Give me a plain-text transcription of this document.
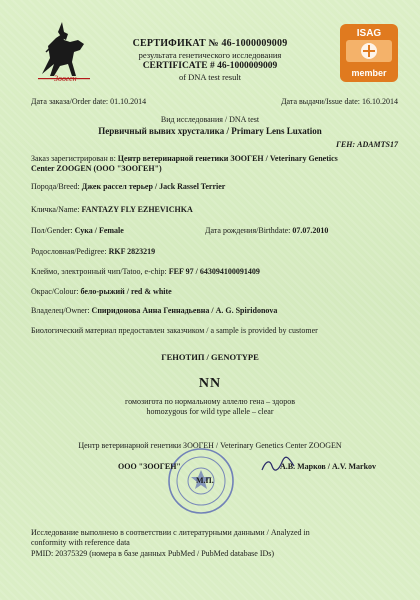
Зооген
ISAG
member
СЕРТИФИКАТ № 46-1000009009
результата генетического исследования
CERTIFICATE # 46-1000009009
of DNA test result
Дата заказа/Order date: 01.10.2014	Дата выдачи/Issue date: 16.10.2014
Вид исследования / DNA test
Первичный вывих хрусталика / Primary Lens Luxation
ГЕН: ADAMTS17
Заказ зарегистрирован в: Центр ветеринарной генетики ЗООГЕН / Veterinary Genetics
Center ZOOGEN (ООО "ЗООГЕН")
Порода/Breed: Джек рассел терьер / Jack Rassel Terrier
Кличка/Name: FANTAZY FLY EZHEVICHKA
Пол/Gender: Сука / Female	Дата рождения/Birthdate: 07.07.2010
Родословная/Pedigree: RKF 2823219
Клеймо, электронный чип/Tatoo, e-chip: FEF 97 / 643094100091409
Окрас/Colour: бело-рыжий / red & white
Владелец/Owner: Спиридонова Анна Геннадьевна / A. G. Spiridonova
Биологический материал предоставлен заказчиком / a sample is provided by customer
ГЕНОТИП / GENOTYPE
NN
гомозигота по нормальному аллелю гена – здоров
homozygous for wild type allele – clear
Центр ветеринарной генетики ЗООГЕН / Veterinary Genetics Center ZOOGEN
ООО "ЗООГЕН"
М.П.
А.В. Марков / A.V. Markov
Исследование выполнено в соответствии с литературными данными / Analyzed in
conformity with reference data
PMID: 20375329 (номера в базе данных PubMed / PubMed database IDs)
